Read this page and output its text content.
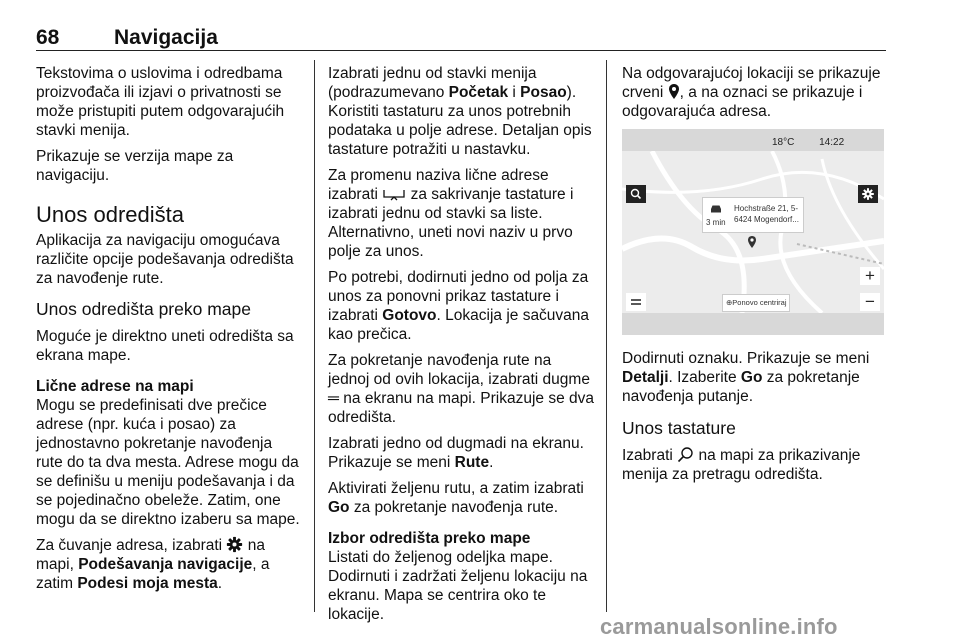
68	Navigacija

Tekstovima o uslovima i odredbama proizvođača ili izjavi o privatnosti se može pristupiti putem odgovarajućih stavki menija.

Prikazuje se verzija mape za navigaciju.

Unos odredišta

Aplikacija za navigaciju omogućava različite opcije podešavanja odredišta za navođenje rute.

Unos odredišta preko mape

Moguće je direktno uneti odredišta sa ekrana mape.

Lične adrese na mapi

Mogu se predefinisati dve prečice adrese (npr. kuća i posao) za jednostavno pokretanje navođenja rute do ta dva mesta. Adrese mogu da se definišu u meniju podešavanja i da se pojedinačno obeleže. Zatim, one mogu da se direktno izaberu sa mape.

Za čuvanje adresa, izabrati  na mapi, Podešavanja navigacije, a zatim Podesi moja mesta.

Izabrati jednu od stavki menija (podrazumevano Početak i Posao). Koristiti tastaturu za unos potrebnih podataka u polje adrese. Detaljan opis tastature potražiti u nastavku.

Za promenu naziva lične adrese izabrati  za sakrivanje tastature i izabrati jednu od stavki sa liste. Alternativno, uneti novi naziv u prvo polje za unos.

Po potrebi, dodirnuti jedno od polja za unos za ponovni prikaz tastature i izabrati Gotovo. Lokacija je sačuvana kao prečica.

Za pokretanje navođenja rute na jednoj od ovih lokacija, izabrati dugme ═ na ekranu na mapi. Prikazuje se dva odredišta.

Izabrati jedno od dugmadi na ekranu. Prikazuje se meni Rute.

Aktivirati željenu rutu, a zatim izabrati Go za pokretanje navođenja rute.

Izbor odredišta preko mape

Listati do željenog odeljka mape. Dodirnuti i zadržati željenu lokaciju na ekranu. Mapa se centrira oko te lokacije.

Na odgovarajućoj lokaciji se prikazuje crveni , a na oznaci se prikazuje i odgovarajuća adresa.

18°C 14:22
3 min
Hochstraße 21, 5-
6424 Mogendorf...
+
−
⊕Ponovo centriraj

Dodirnuti oznaku. Prikazuje se meni Detalji. Izaberite Go za pokretanje navođenja putanje.

Unos tastature

Izabrati  na mapi za prikazivanje menija za pretragu odredišta.

carmanualsonline.info
